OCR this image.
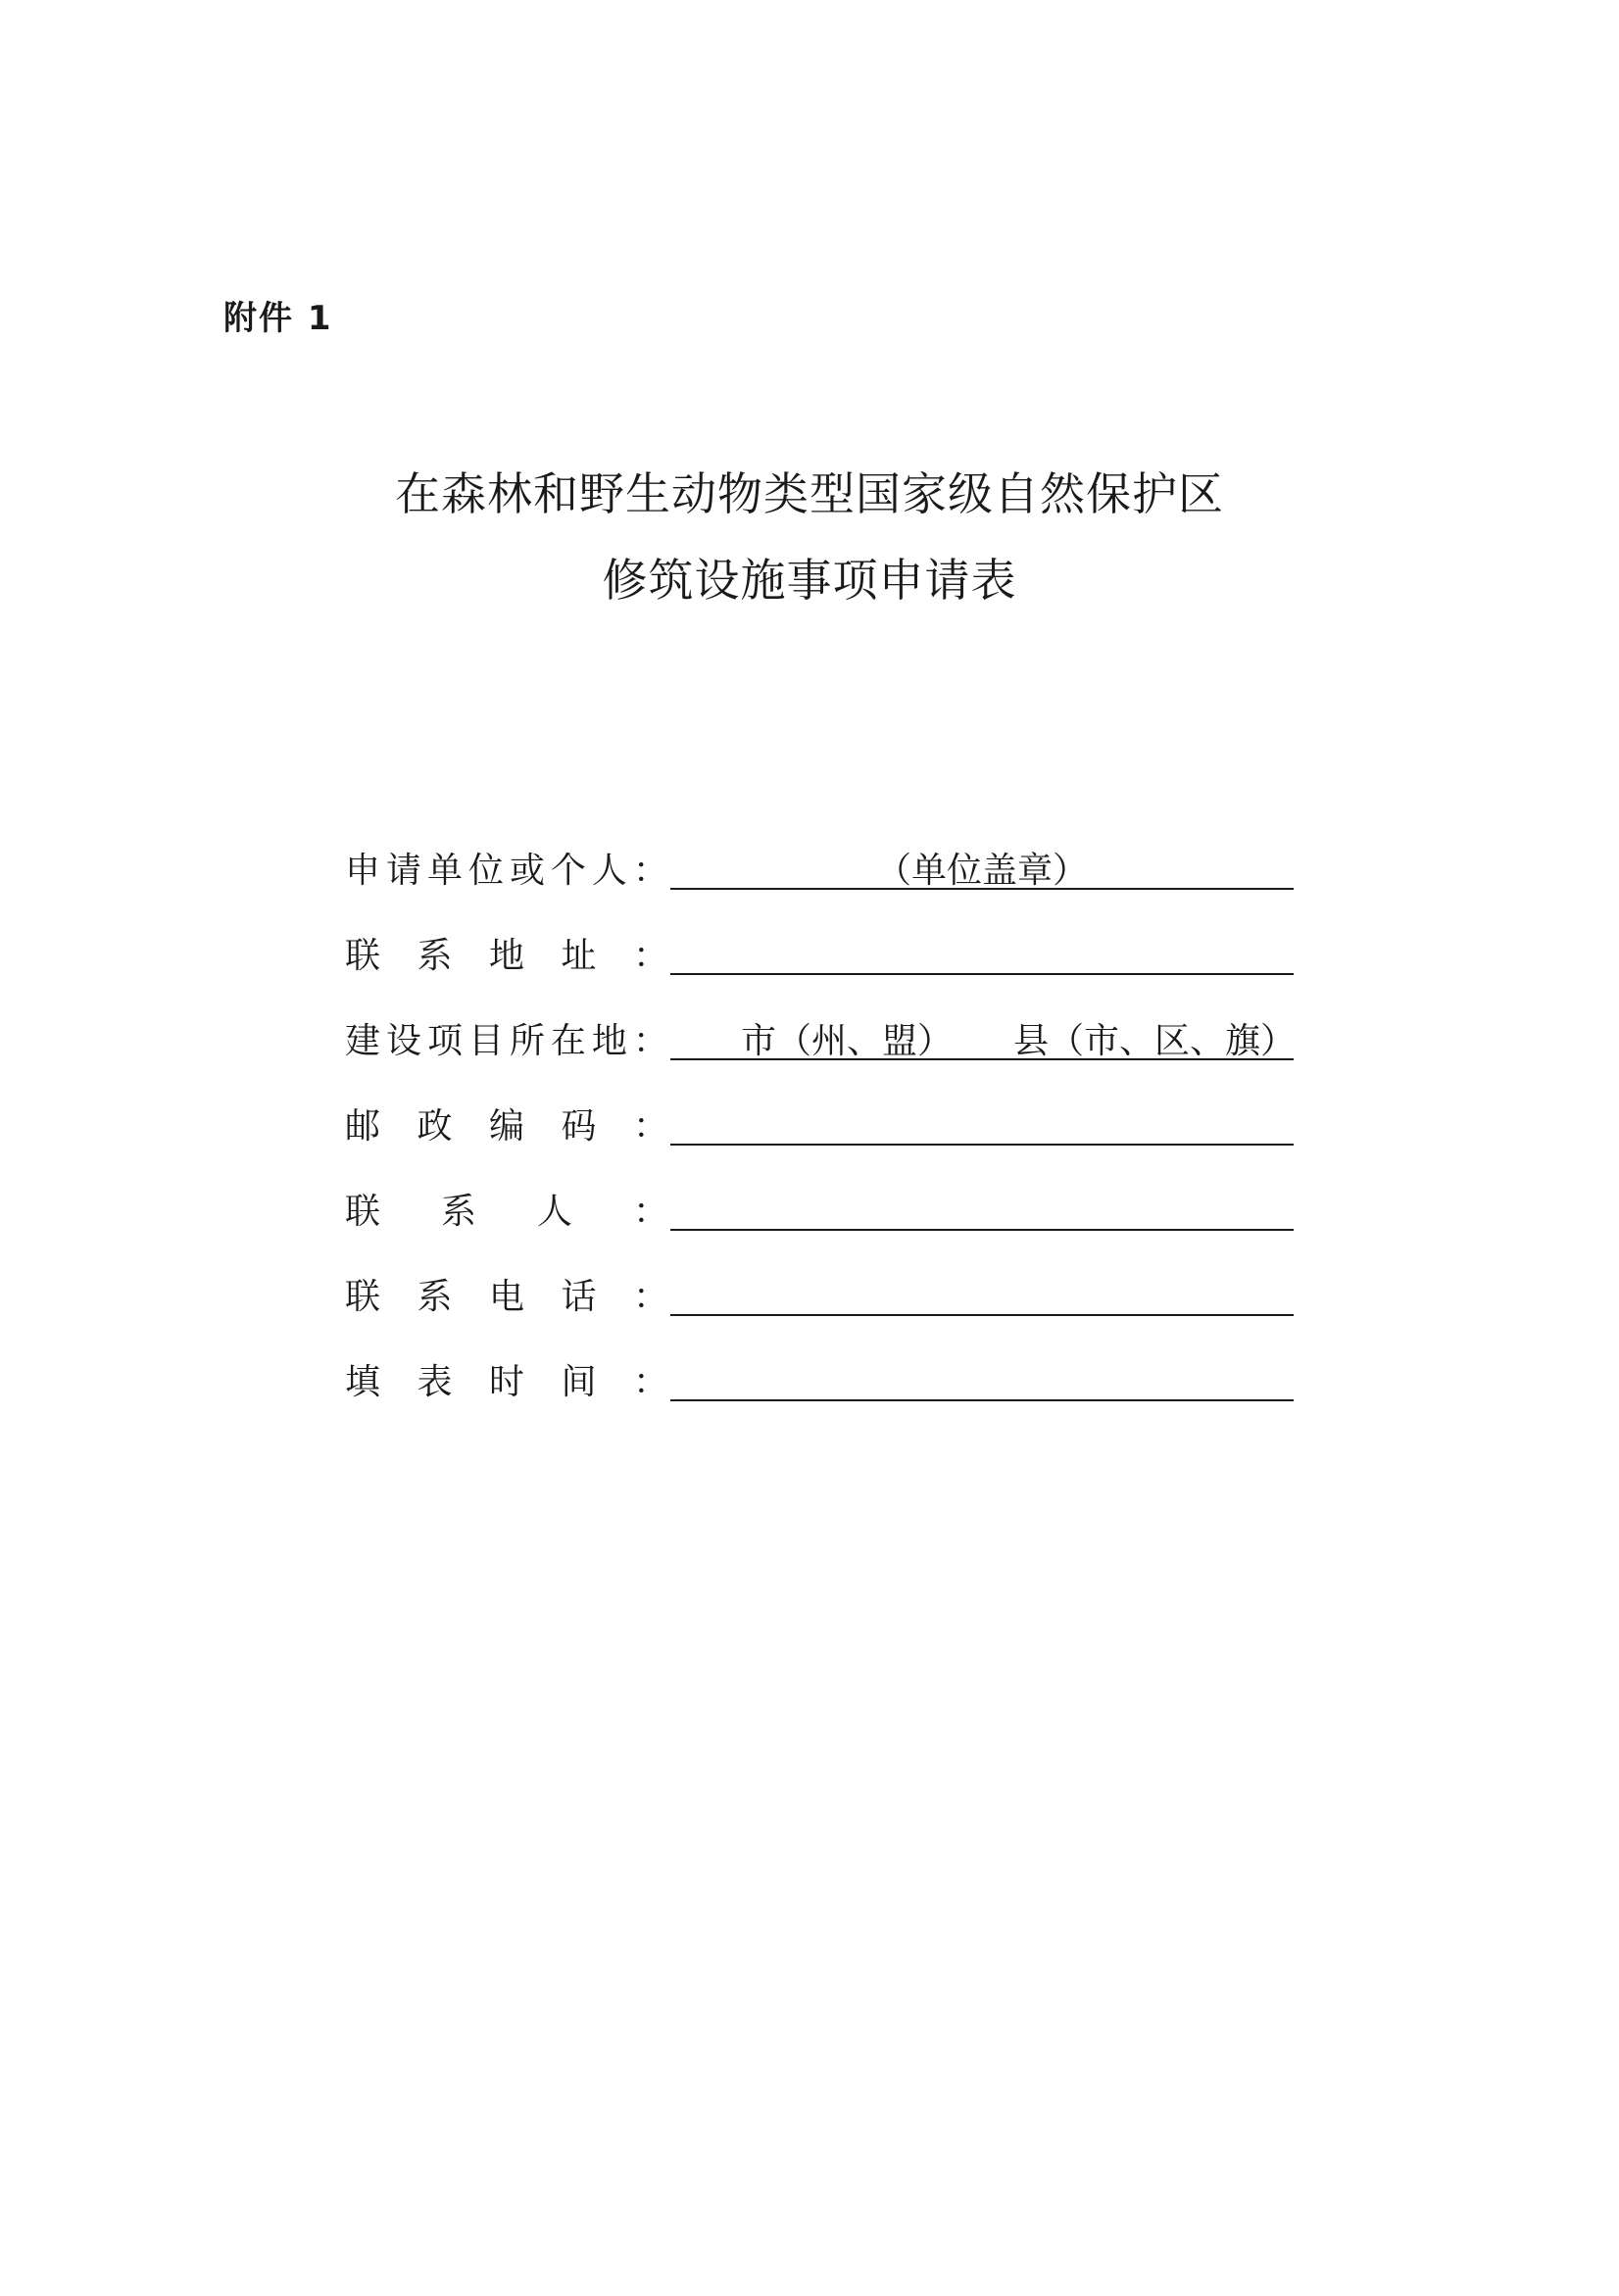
附件 1
在森林和野生动物类型国家级自然保护区
修筑设施事项申请表
申 请 单 位 或 个 人 ：	（单位盖章）
联 系 地 址 ：
建 设 项 目 所 在 地 ： 市（州、盟） 县（市、区、旗）
邮 政 编 码 ：
联 系 人 ：
联 系 电 话 ：
填 表 时 间 ：
